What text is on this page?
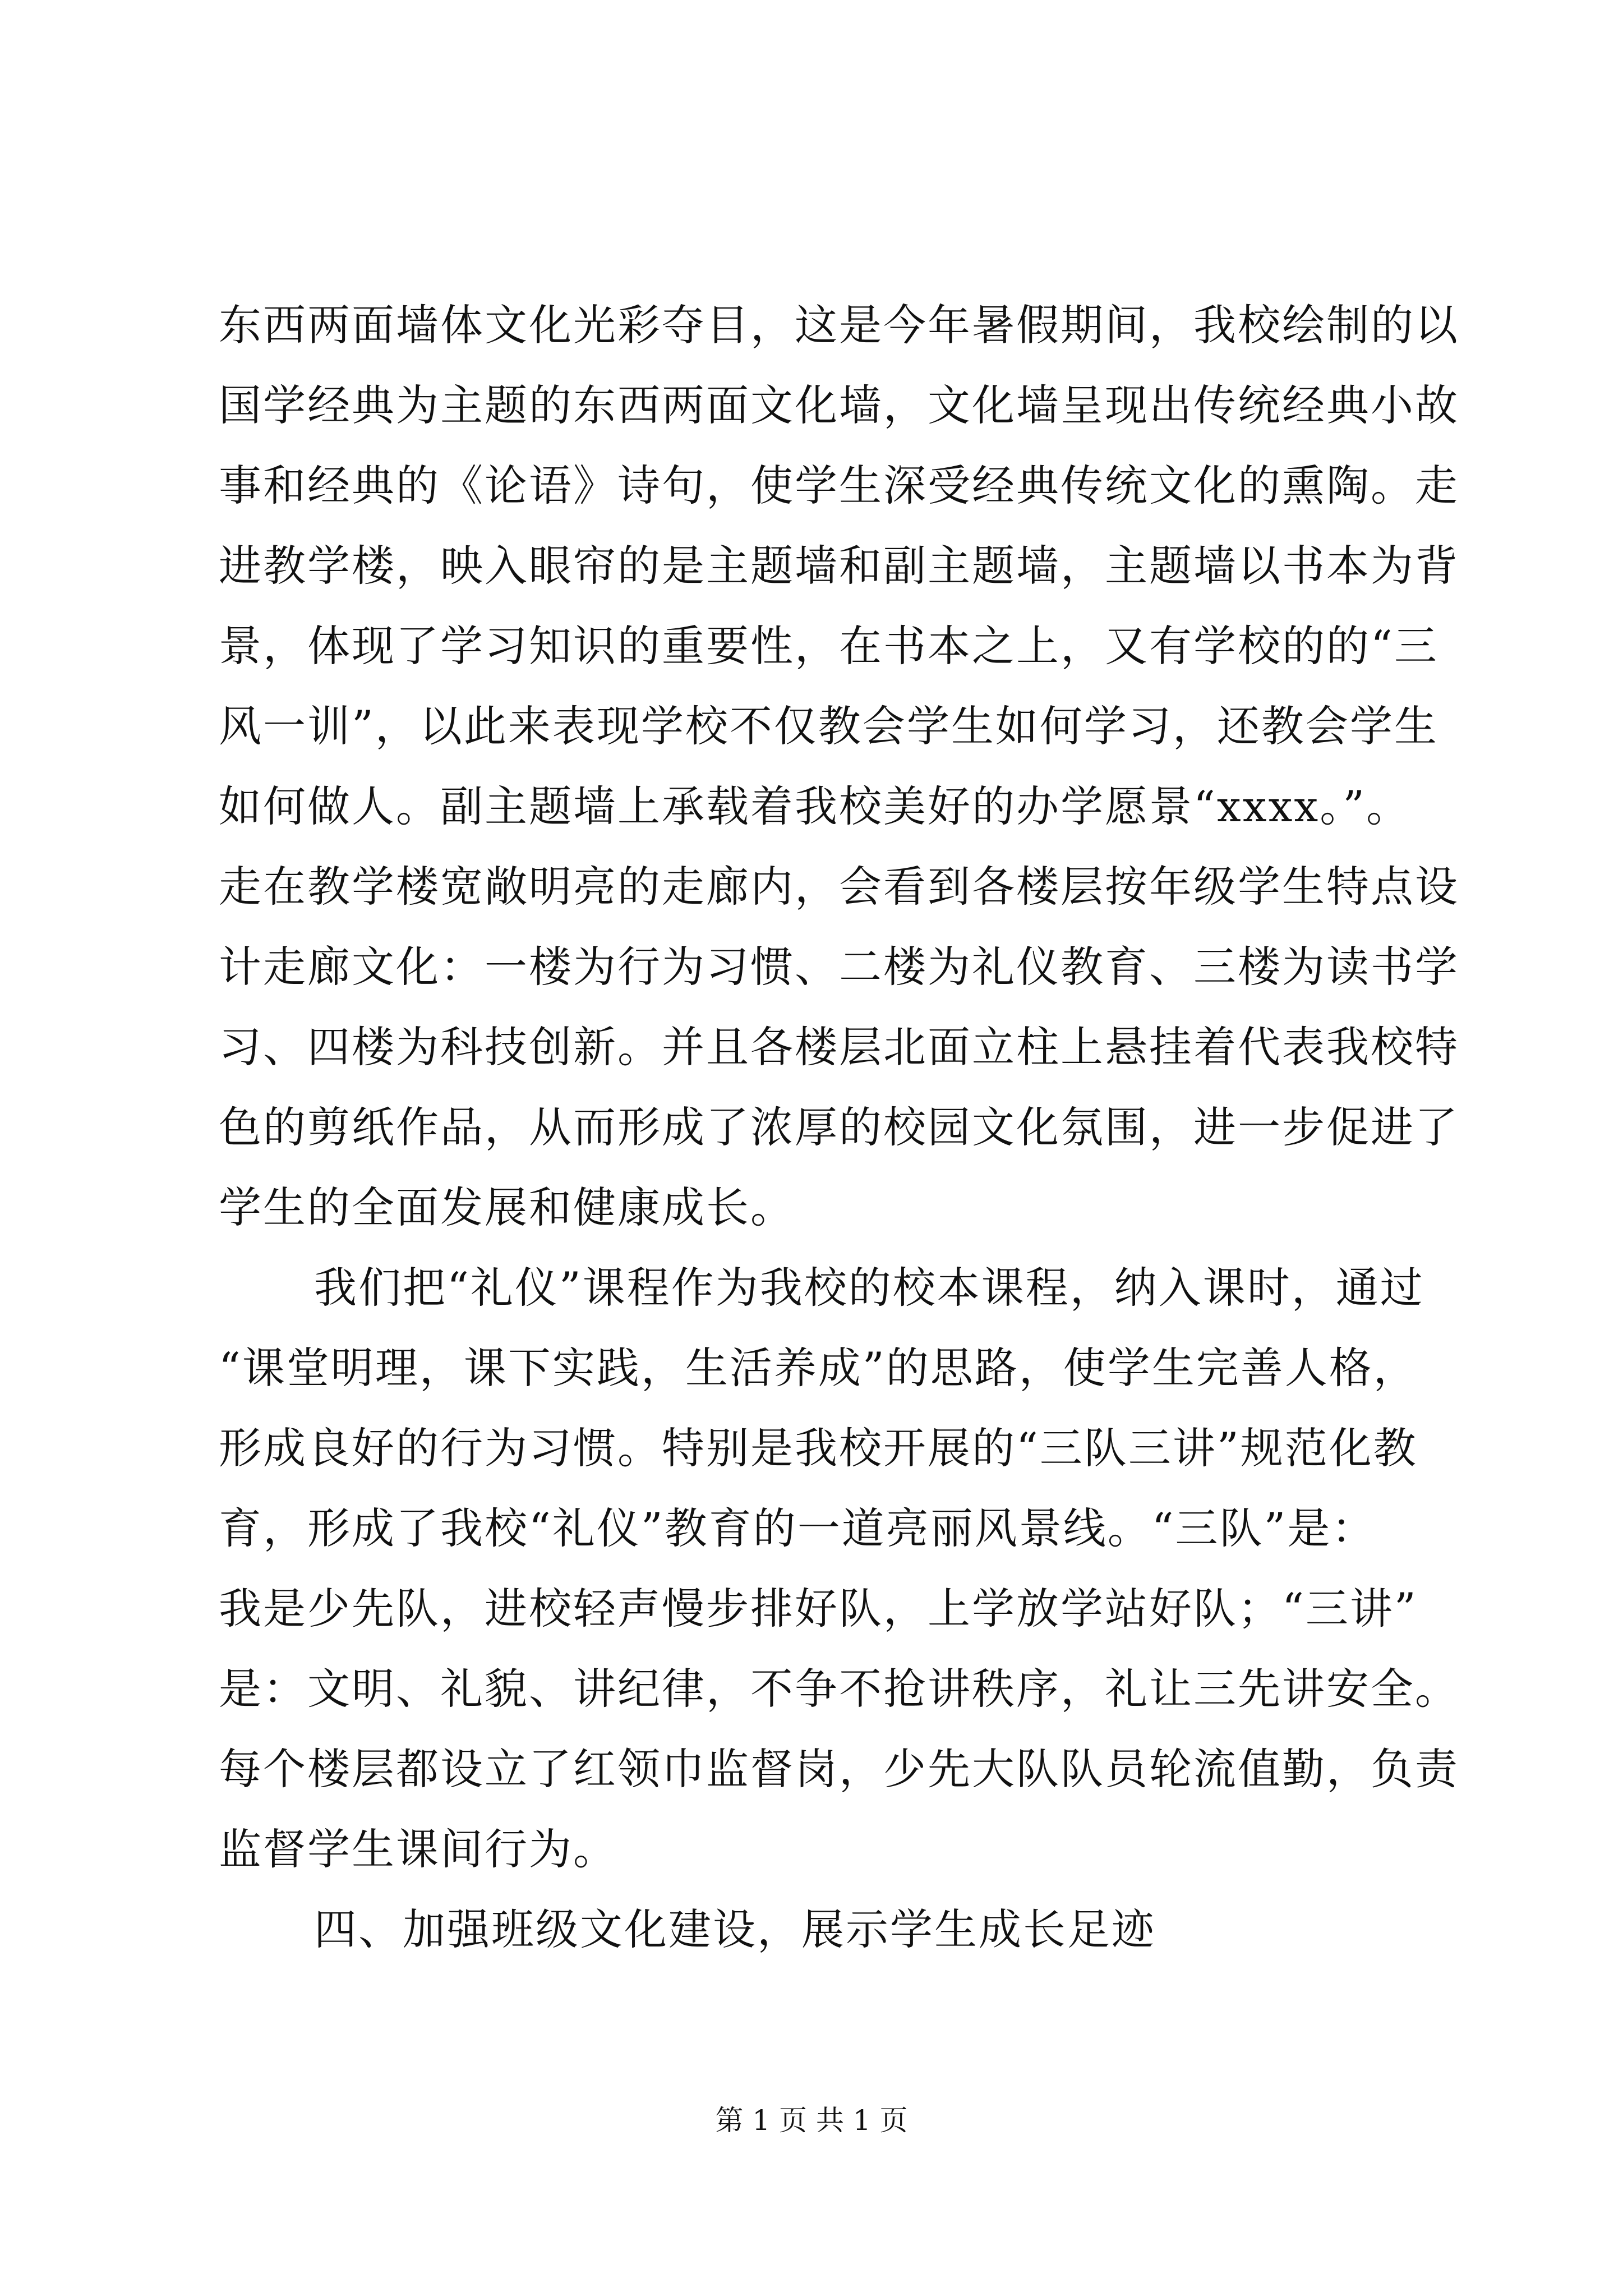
东西两面墙体文化光彩夺目，这是今年暑假期间，我校绘制的以
国学经典为主题的东西两面文化墙，文化墙呈现出传统经典小故
事和经典的《论语》诗句，使学生深受经典传统文化的熏陶。走
进教学楼，映入眼帘的是主题墙和副主题墙，主题墙以书本为背
景，体现了学习知识的重要性，在书本之上，又有学校的的“三
风一训”，以此来表现学校不仅教会学生如何学习，还教会学生
如何做人。副主题墙上承载着我校美好的办学愿景“xxxx。”。
走在教学楼宽敞明亮的走廊内，会看到各楼层按年级学生特点设
计走廊文化：一楼为行为习惯、二楼为礼仪教育、三楼为读书学
习、四楼为科技创新。并且各楼层北面立柱上悬挂着代表我校特
色的剪纸作品，从而形成了浓厚的校园文化氛围，进一步促进了
学生的全面发展和健康成长。
我们把“礼仪”课程作为我校的校本课程，纳入课时，通过
“课堂明理，课下实践，生活养成”的思路，使学生完善人格，
形成良好的行为习惯。特别是我校开展的“三队三讲”规范化教
育，形成了我校“礼仪”教育的一道亮丽风景线。“三队”是：
我是少先队，进校轻声慢步排好队，上学放学站好队；“三讲”
是：文明、礼貌、讲纪律，不争不抢讲秩序，礼让三先讲安全。
每个楼层都设立了红领巾监督岗，少先大队队员轮流值勤，负责
监督学生课间行为。
四、加强班级文化建设，展示学生成长足迹
第 1 页 共 1 页
